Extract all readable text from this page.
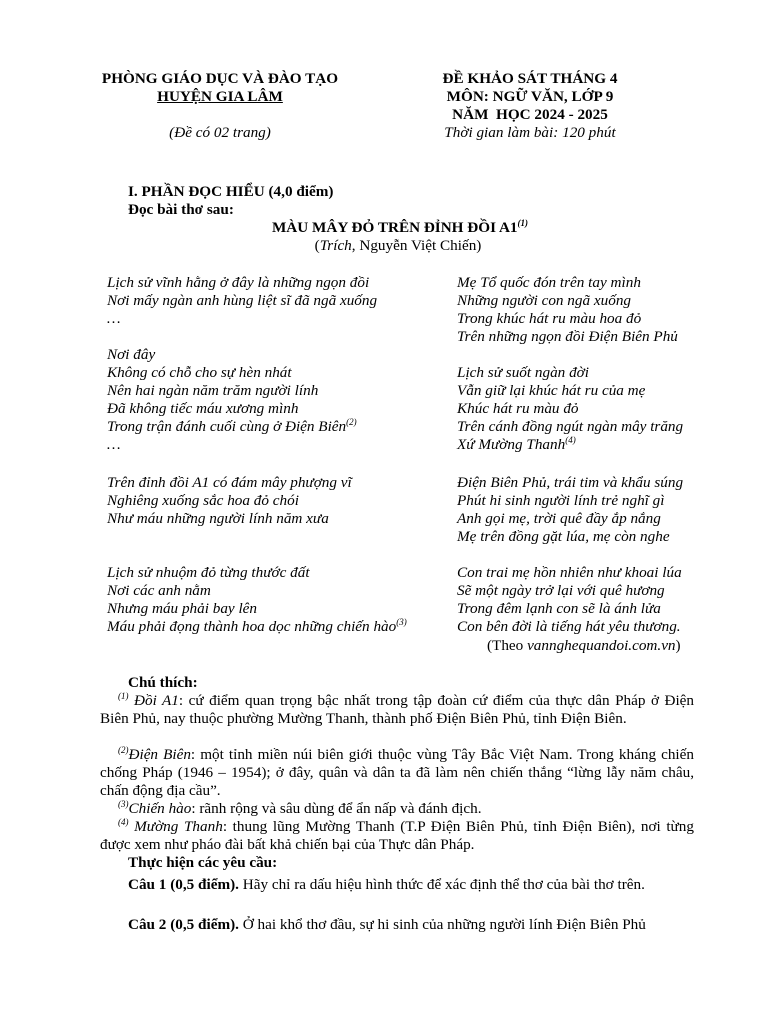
PHÒNG GIÁO DỤC VÀ ĐÀO TẠO
HUYỆN GIA LÂM
(Đề có 02 trang)
ĐỀ KHẢO SÁT THÁNG 4
MÔN: NGỮ VĂN, LỚP 9
NĂM  HỌC 2024 - 2025
Thời gian làm bài: 120 phút
I. PHẦN ĐỌC HIỂU (4,0 điểm)
Đọc bài thơ sau:
MÀU MÂY ĐỎ TRÊN ĐỈNH ĐỒI A1$^{(1)}$
(Trích, Nguyễn Việt Chiến)
Lịch sử vĩnh hằng ở đây là những ngọn đồi
Nơi mấy ngàn anh hùng liệt sĩ đã ngã xuống
…
Nơi đây
Không có chỗ cho sự hèn nhát
Nên hai ngàn năm trăm người lính
Đã không tiếc máu xương mình
Trong trận đánh cuối cùng ở Điện Biên$^{(2)}$
…
Trên đỉnh đồi A1 có đám mây phượng vĩ
Nghiêng xuống sắc hoa đỏ chói
Như máu những người lính năm xưa
Lịch sử nhuộm đỏ từng thước đất
Nơi các anh nằm
Nhưng máu phải bay lên
Máu phải đọng thành hoa dọc những chiến hào$^{(3)}$
Mẹ Tổ quốc đón trên tay mình
Những người con ngã xuống
Trong khúc hát ru màu hoa đỏ
Trên những ngọn đồi Điện Biên Phủ
Lịch sử suốt ngàn đời
Vẫn giữ lại khúc hát ru của mẹ
Khúc hát ru màu đỏ
Trên cánh đồng ngút ngàn mây trăng
Xứ Mường Thanh$^{(4)}$
Điện Biên Phủ, trái tim và khẩu súng
Phút hi sinh người lính trẻ nghĩ gì
Anh gọi mẹ, trời quê đầy ắp nắng
Mẹ trên đồng gặt lúa, mẹ còn nghe
Con trai mẹ hồn nhiên như khoai lúa
Sẽ một ngày trở lại với quê hương
Trong đêm lạnh con sẽ là ánh lửa
Con bên đời là tiếng hát yêu thương.
(Theo vannghequandoi.com.vn)
Chú thích:
$^{(1)}$ Đồi A1: cứ điểm quan trọng bậc nhất trong tập đoàn cứ điểm của thực dân Pháp ở Điện Biên Phủ, nay thuộc phường Mường Thanh, thành phố Điện Biên Phủ, tỉnh Điện Biên.
$^{(2)}$Điện Biên: một tỉnh miền núi biên giới thuộc vùng Tây Bắc Việt Nam. Trong kháng chiến chống Pháp (1946 – 1954); ở đây, quân và dân ta đã làm nên chiến thắng “lừng lẫy năm châu, chấn động địa cầu”.
$^{(3)}$Chiến hào: rãnh rộng và sâu dùng để ẩn nấp và đánh địch.
$^{(4)}$ Mường Thanh: thung lũng Mường Thanh (T.P Điện Biên Phủ, tỉnh Điện Biên), nơi từng được xem như pháo đài bất khả chiến bại của Thực dân Pháp.
Thực hiện các yêu cầu:
Câu 1 (0,5 điểm). Hãy chỉ ra dấu hiệu hình thức để xác định thể thơ của bài thơ trên.
Câu 2 (0,5 điểm). Ở hai khổ thơ đầu, sự hi sinh của những người lính Điện Biên Phủ
